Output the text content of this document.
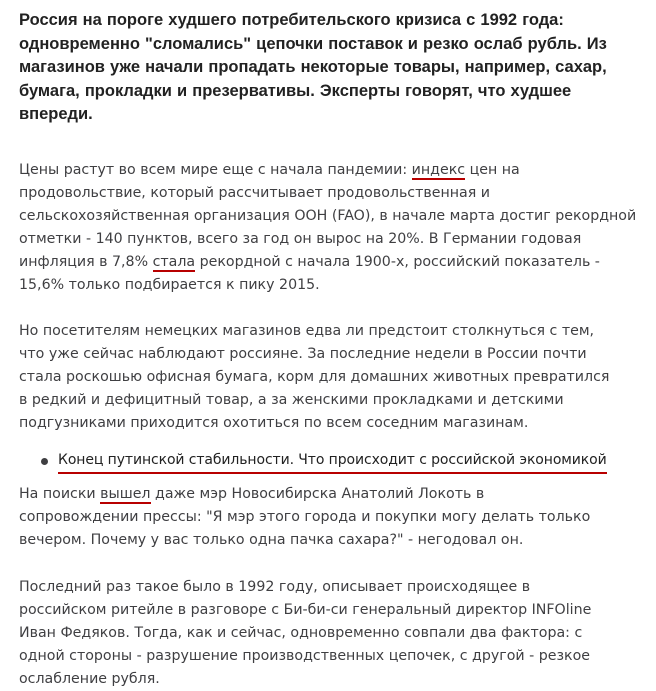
Россия на пороге худшего потребительского кризиса с 1992 года:
одновременно "сломались" цепочки поставок и резко ослаб рубль. Из
магазинов уже начали пропадать некоторые товары, например, сахар,
бумага, прокладки и презервативы. Эксперты говорят, что худшее
впереди.

Цены растут во всем мире еще с начала пандемии: индекс цен на
продовольствие, который рассчитывает продовольственная и
сельскохозяйственная организация ООН (FAO), в начале марта достиг рекордной
отметки - 140 пунктов, всего за год он вырос на 20%. В Германии годовая
инфляция в 7,8% стала рекордной с начала 1900-х, российский показатель -
15,6% только подбирается к пику 2015.

Но посетителям немецких магазинов едва ли предстоит столкнуться с тем,
что уже сейчас наблюдают россияне. За последние недели в России почти
стала роскошью офисная бумага, корм для домашних животных превратился
в редкий и дефицитный товар, а за женскими прокладками и детскими
подгузниками приходится охотиться по всем соседним магазинам.

Конец путинской стабильности. Что происходит с российской экономикой

На поиски вышел даже мэр Новосибирска Анатолий Локоть в
сопровождении прессы: "Я мэр этого города и покупки могу делать только
вечером. Почему у вас только одна пачка сахара?" - негодовал он.

Последний раз такое было в 1992 году, описывает происходящее в
российском ритейле в разговоре с Би-би-си генеральный директор INFOline
Иван Федяков. Тогда, как и сейчас, одновременно совпали два фактора: с
одной стороны - разрушение производственных цепочек, с другой - резкое
ослабление рубля.
